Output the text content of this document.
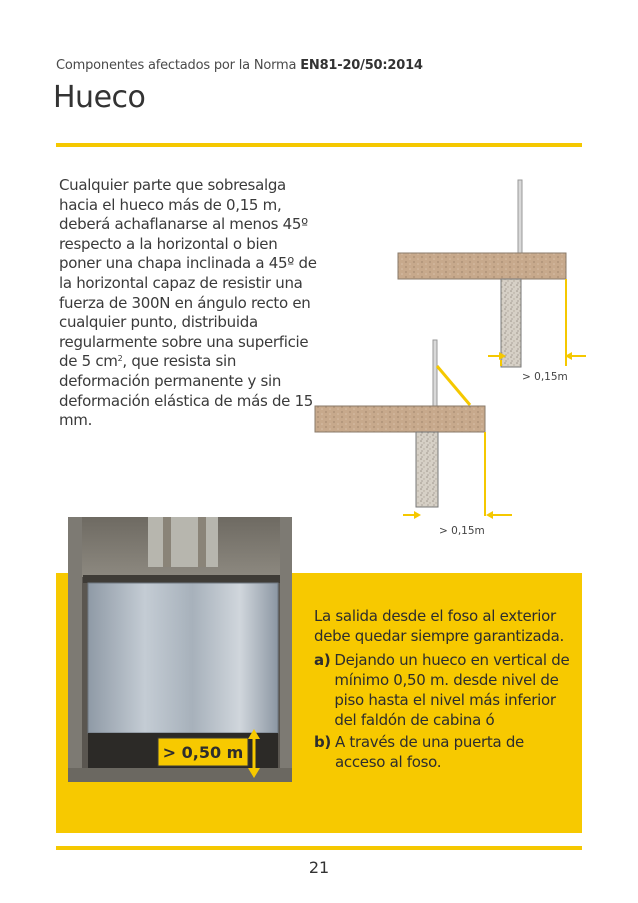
Componentes afectados por la Norma EN81-20/50:2014
Hueco
Cualquier parte que sobresalga hacia el hueco más de 0,15 m, deberá achaflanarse al menos 45º respecto a la horizontal o bien poner una chapa inclinada a 45º de la horizontal capaz de resistir una fuerza de 300N en ángulo recto en cualquier punto, distribuida regularmente sobre una superficie de 5 $cm^2$, que resista sin deformación permanente y sin deformación elástica de más de 15 mm.
> 0,15m
> 0,15m
> 0,50 m

La salida desde el foso al exterior debe quedar siempre garantizada.

a) Dejando un hueco en vertical de mínimo 0,50 m. desde nivel de piso hasta el nivel más inferior del faldón de cabina ó
b) A través de una puerta de acceso al foso.
21
